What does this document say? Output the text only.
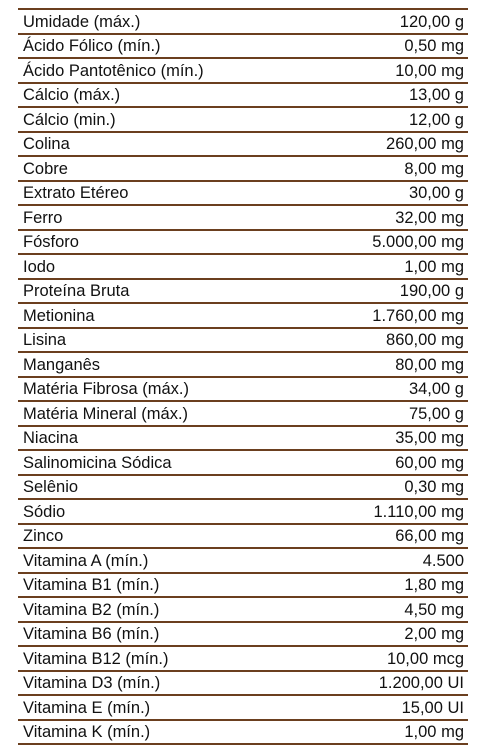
Umidade (máx.)	120,00 g
Ácido Fólico (mín.)	0,50 mg
Ácido Pantotênico (mín.)	10,00 mg
Cálcio (máx.)	13,00 g
Cálcio (min.)	12,00 g
Colina	260,00 mg
Cobre	8,00 mg
Extrato Etéreo	30,00 g
Ferro	32,00 mg
Fósforo	5.000,00 mg
Iodo	1,00 mg
Proteína Bruta	190,00 g
Metionina	1.760,00 mg
Lisina	860,00 mg
Manganês	80,00 mg
Matéria Fibrosa (máx.)	34,00 g
Matéria Mineral (máx.)	75,00 g
Niacina	35,00 mg
Salinomicina Sódica	60,00 mg
Selênio	0,30 mg
Sódio	1.110,00 mg
Zinco	66,00 mg
Vitamina A (mín.)	4.500
Vitamina B1 (mín.)	1,80 mg
Vitamina B2 (mín.)	4,50 mg
Vitamina B6 (mín.)	2,00 mg
Vitamina B12 (mín.)	10,00 mcg
Vitamina D3 (mín.)	1.200,00 UI
Vitamina E (mín.)	15,00 UI
Vitamina K (mín.)	1,00 mg
